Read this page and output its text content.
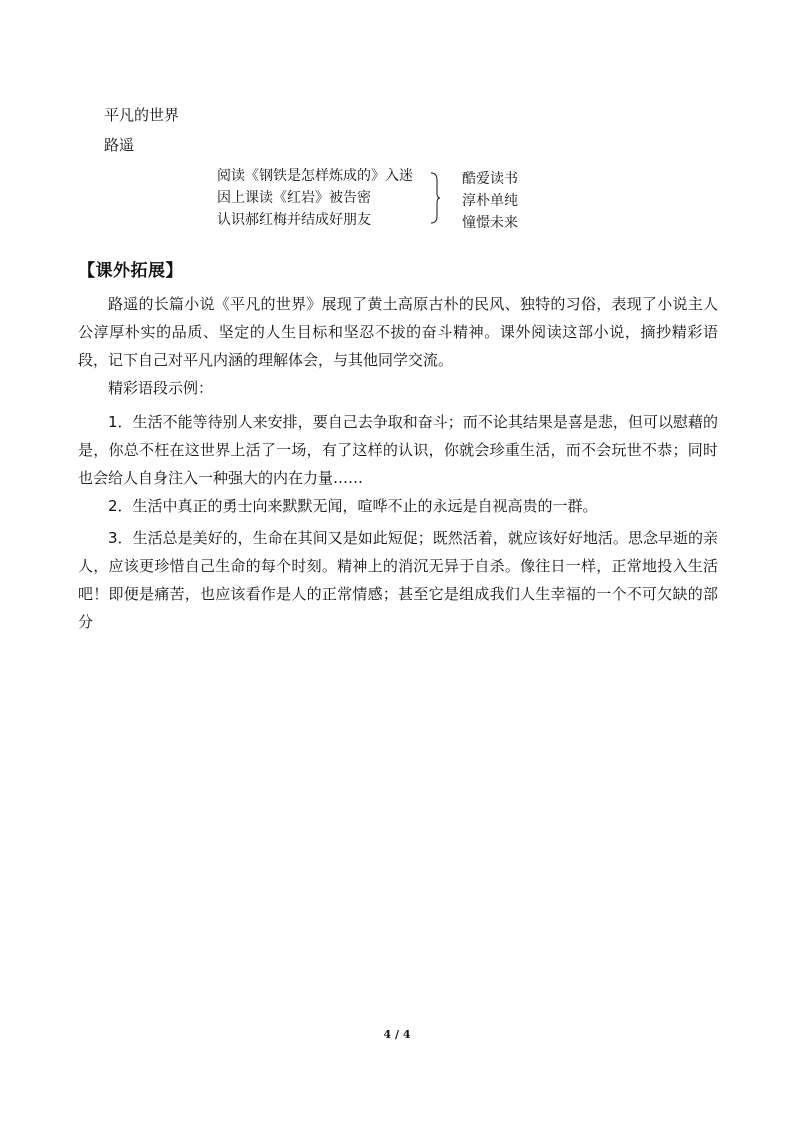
平凡的世界
路遥
阅读《钢铁是怎样炼成的》入迷
因上课读《红岩》被告密
认识郝红梅并结成好朋友
酷爱读书
淳朴单纯
憧憬未来
【课外拓展】
路遥的长篇小说《平凡的世界》展现了黄土高原古朴的民风、独特的习俗，表现了小说主人公淳厚朴实的品质、坚定的人生目标和坚忍不拔的奋斗精神。课外阅读这部小说，摘抄精彩语段，记下自己对平凡内涵的理解体会，与其他同学交流。
精彩语段示例：
1．生活不能等待别人来安排，要自己去争取和奋斗；而不论其结果是喜是悲，但可以慰藉的是，你总不枉在这世界上活了一场，有了这样的认识，你就会珍重生活，而不会玩世不恭；同时也会给人自身注入一种强大的内在力量……
2．生活中真正的勇士向来默默无闻，喧哗不止的永远是自视高贵的一群。
3．生活总是美好的，生命在其间又是如此短促；既然活着，就应该好好地活。思念早逝的亲人，应该更珍惜自己生命的每个时刻。精神上的消沉无异于自杀。像往日一样，正常地投入生活吧！即便是痛苦，也应该看作是人的正常情感；甚至它是组成我们人生幸福的一个不可欠缺的部分
4 / 4
